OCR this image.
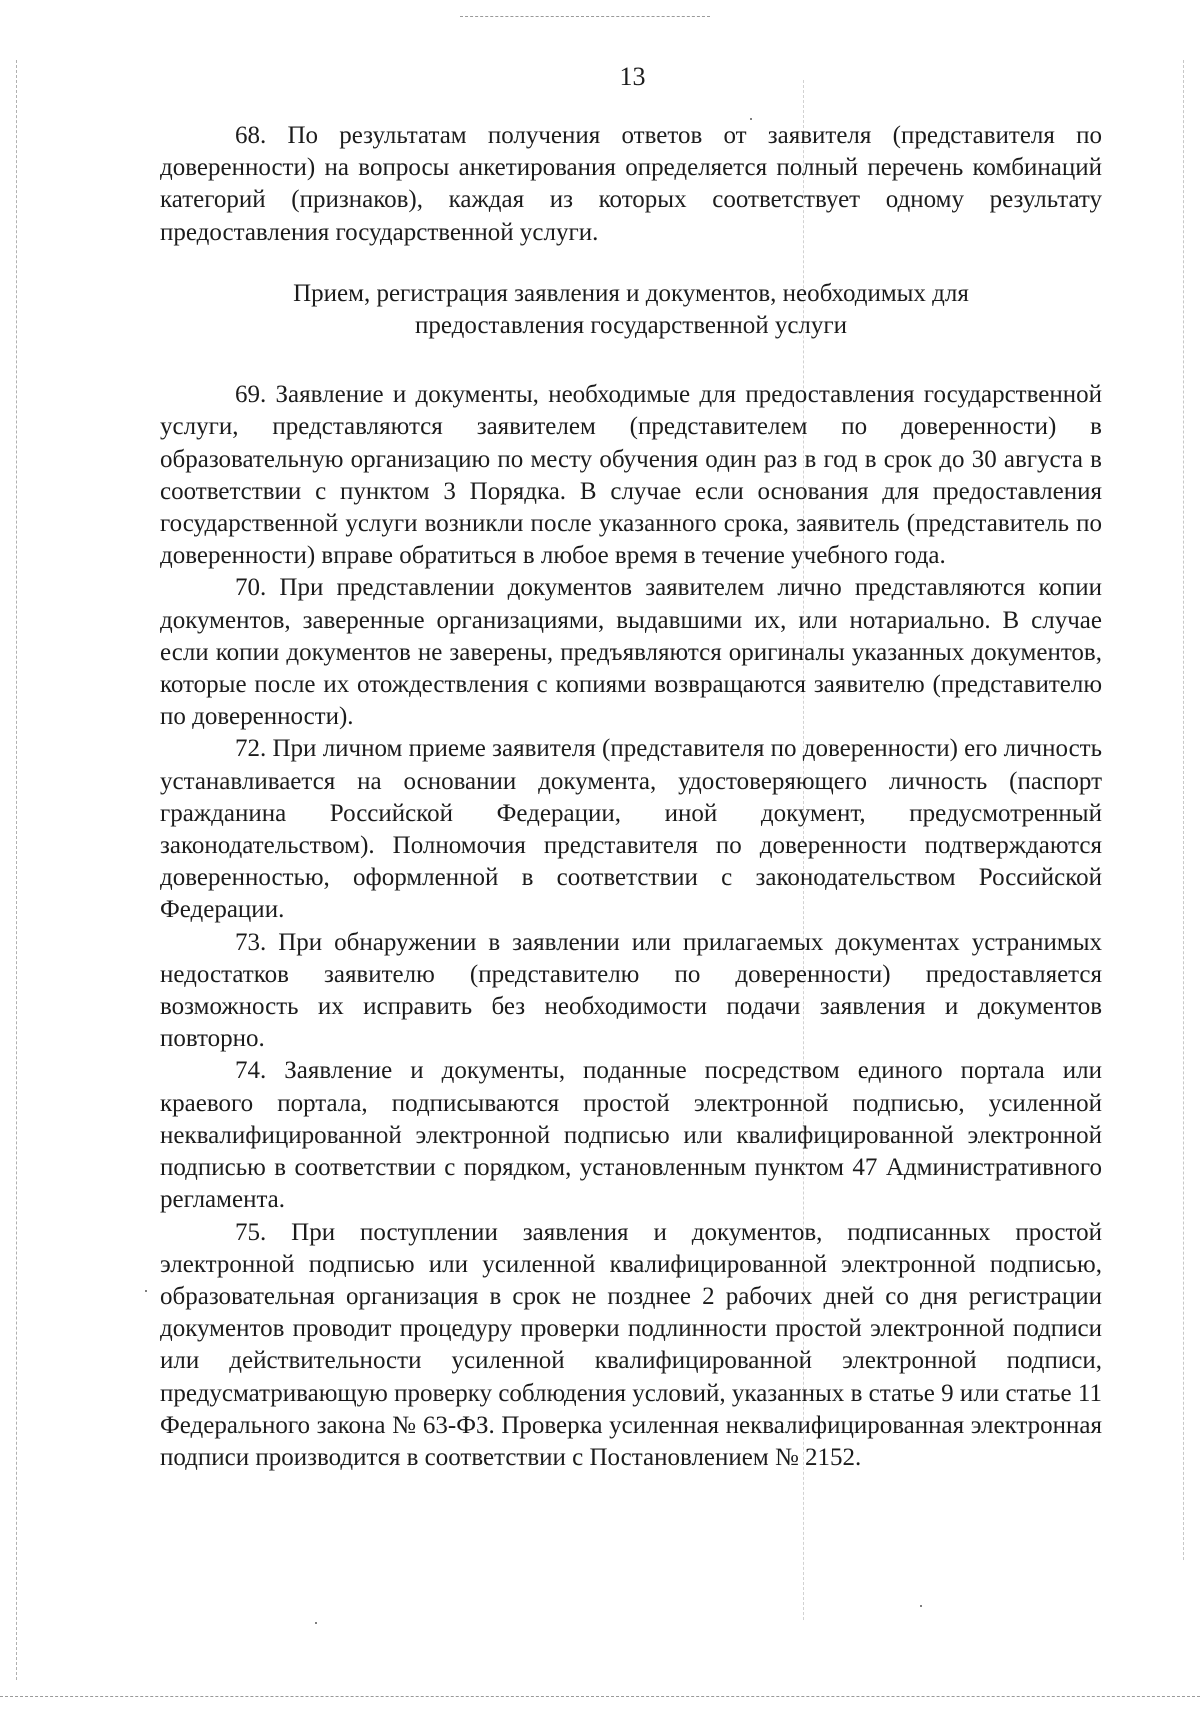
13

68. По результатам получения ответов от заявителя (представителя по доверенности) на вопросы анкетирования определяется полный перечень комбинаций категорий (признаков), каждая из которых соответствует одному результату предоставления государственной услуги.

Прием, регистрация заявления и документов, необходимых для
предоставления государственной услуги

69. Заявление и документы, необходимые для предоставления государственной услуги, представляются заявителем (представителем по доверенности) в образовательную организацию по месту обучения один раз в год в срок до 30 августа в соответствии с пунктом 3 Порядка. В случае если основания для предоставления государственной услуги возникли после указанного срока, заявитель (представитель по доверенности) вправе обратиться в любое время в течение учебного года.

70. При представлении документов заявителем лично представляются копии документов, заверенные организациями, выдавшими их, или нотариально. В случае если копии документов не заверены, предъявляются оригиналы указанных документов, которые после их отождествления с копиями возвращаются заявителю (представителю по доверенности).

72. При личном приеме заявителя (представителя по доверенности) его личность устанавливается на основании документа, удостоверяющего личность (паспорт гражданина Российской Федерации, иной документ, предусмотренный законодательством). Полномочия представителя по доверенности подтверждаются доверенностью, оформленной в соответствии с законодательством Российской Федерации.

73. При обнаружении в заявлении или прилагаемых документах устранимых недостатков заявителю (представителю по доверенности) предоставляется возможность их исправить без необходимости подачи заявления и документов повторно.

74. Заявление и документы, поданные посредством единого портала или краевого портала, подписываются простой электронной подписью, усиленной неквалифицированной электронной подписью или квалифицированной электронной подписью в соответствии с порядком, установленным пунктом 47 Административного регламента.

75. При поступлении заявления и документов, подписанных простой электронной подписью или усиленной квалифицированной электронной подписью, образовательная организация в срок не позднее 2 рабочих дней со дня регистрации документов проводит процедуру проверки подлинности простой электронной подписи или действительности усиленной квалифицированной электронной подписи, предусматривающую проверку соблюдения условий, указанных в статье 9 или статье 11 Федерального закона № 63-ФЗ. Проверка усиленная неквалифицированная электронная подписи производится в соответствии с Постановлением № 2152.
